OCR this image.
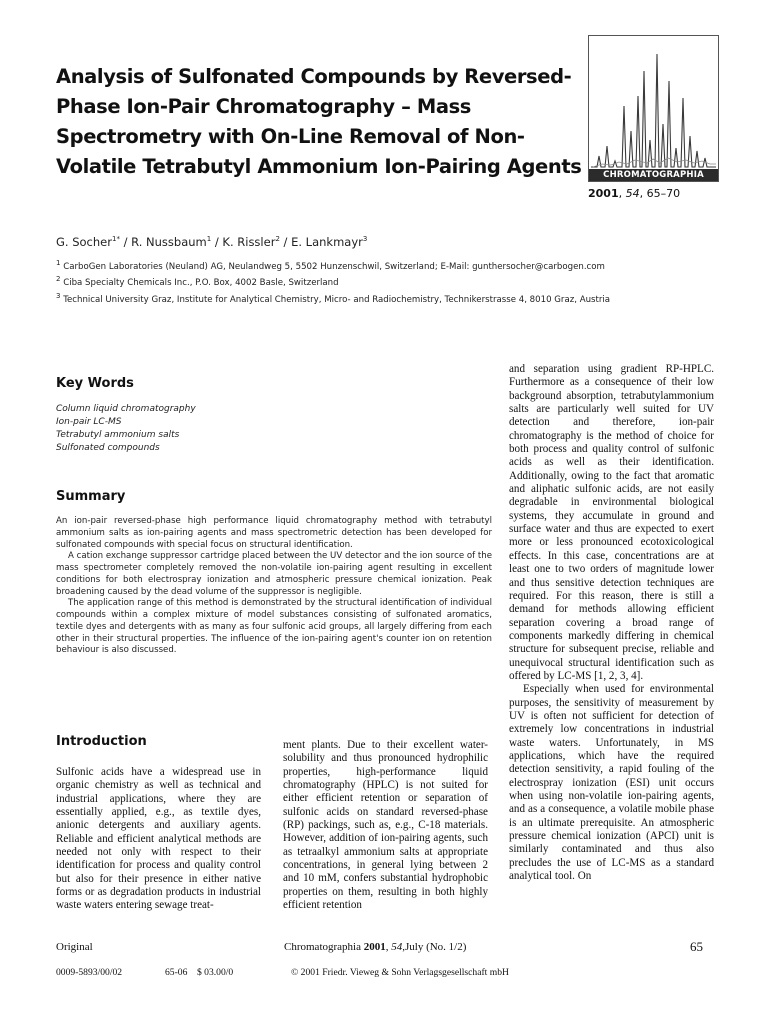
Analysis of Sulfonated Compounds by Reversed-
Phase Ion-Pair Chromatography – Mass
Spectrometry with On-Line Removal of Non-
Volatile Tetrabutyl Ammonium Ion-Pairing Agents	CHROMATOGRAPHIA
2001, 54, 65–70
G. Socher$^{1*}$ / R. Nussbaum$^1$ / K. Rissler$^2$ / E. Lankmayr$^3$
$^1$ CarboGen Laboratories (Neuland) AG, Neulandweg 5, 5502 Hunzenschwil, Switzerland; E-Mail: gunthersocher@carbogen.com
$^2$ Ciba Specialty Chemicals Inc., P.O. Box, 4002 Basle, Switzerland
$^3$ Technical University Graz, Institute for Analytical Chemistry, Micro- and Radiochemistry, Technikerstrasse 4, 8010 Graz, Austria
Key Words
Column liquid chromatography
Ion-pair LC-MS
Tetrabutyl ammonium salts
Sulfonated compounds
Summary

An ion-pair reversed-phase high performance liquid chromatography method with tetrabutyl ammonium salts as ion-pairing agents and mass spectrometric detection has been developed for sulfonated compounds with special focus on structural identification.

A cation exchange suppressor cartridge placed between the UV detector and the ion source of the mass spectrometer completely removed the non-volatile ion-pairing agent resulting in excellent conditions for both electrospray ionization and atmospheric pressure chemical ionization. Peak broadening caused by the dead volume of the suppressor is negligible.

The application range of this method is demonstrated by the structural identification of individual compounds within a complex mixture of model substances consisting of sulfonated aromatics, textile dyes and detergents with as many as four sulfonic acid groups, all largely differing from each other in their structural properties. The influence of the ion-pairing agent's counter ion on retention behaviour is also discussed.

Introduction

Sulfonic acids have a widespread use in organic chemistry as well as technical and industrial applications, where they are essentially applied, e.g., as textile dyes, anionic detergents and auxiliary agents. Reliable and efficient analytical methods are needed not only with respect to their identification for process and quality control but also for their presence in either native forms or as degradation products in industrial waste waters entering sewage treat-

ment plants. Due to their excellent water-solubility and thus pronounced hydrophilic properties, high-performance liquid chromatography (HPLC) is not suited for either efficient retention or separation of sulfonic acids on standard reversed-phase (RP) packings, such as, e.g., C-18 materials. However, addition of ion-pairing agents, such as tetraalkyl ammonium salts at appropriate concentrations, in general lying between 2 and 10 mM, confers substantial hydrophobic properties on them, resulting in both highly efficient retention

and separation using gradient RP-HPLC. Furthermore as a consequence of their low background absorption, tetrabutylammonium salts are particularly well suited for UV detection and therefore, ion-pair chromatography is the method of choice for both process and quality control of sulfonic acids as well as their identification. Additionally, owing to the fact that aromatic and aliphatic sulfonic acids, are not easily degradable in environmental biological systems, they accumulate in ground and surface water and thus are expected to exert more or less pronounced ecotoxicological effects. In this case, concentrations are at least one to two orders of magnitude lower and thus sensitive detection techniques are required. For this reason, there is still a demand for methods allowing efficient separation covering a broad range of components markedly differing in chemical structure for subsequent precise, reliable and unequivocal structural identification such as offered by LC-MS [1, 2, 3, 4].

Especially when used for environmental purposes, the sensitivity of measurement by UV is often not sufficient for detection of extremely low concentrations in industrial waste waters. Unfortunately, in MS applications, which have the required detection sensitivity, a rapid fouling of the electrospray ionization (ESI) unit occurs when using non-volatile ion-pairing agents, and as a consequence, a volatile mobile phase is an ultimate prerequisite. An atmospheric pressure chemical ionization (APCI) unit is similarly contaminated and thus also precludes the use of LC-MS as a standard analytical tool. On

Original	Chromatographia 2001, 54,July (No. 1/2)	65
0009-5893/00/02	65-06    $ 03.00/0	© 2001 Friedr. Vieweg & Sohn Verlagsgesellschaft mbH
